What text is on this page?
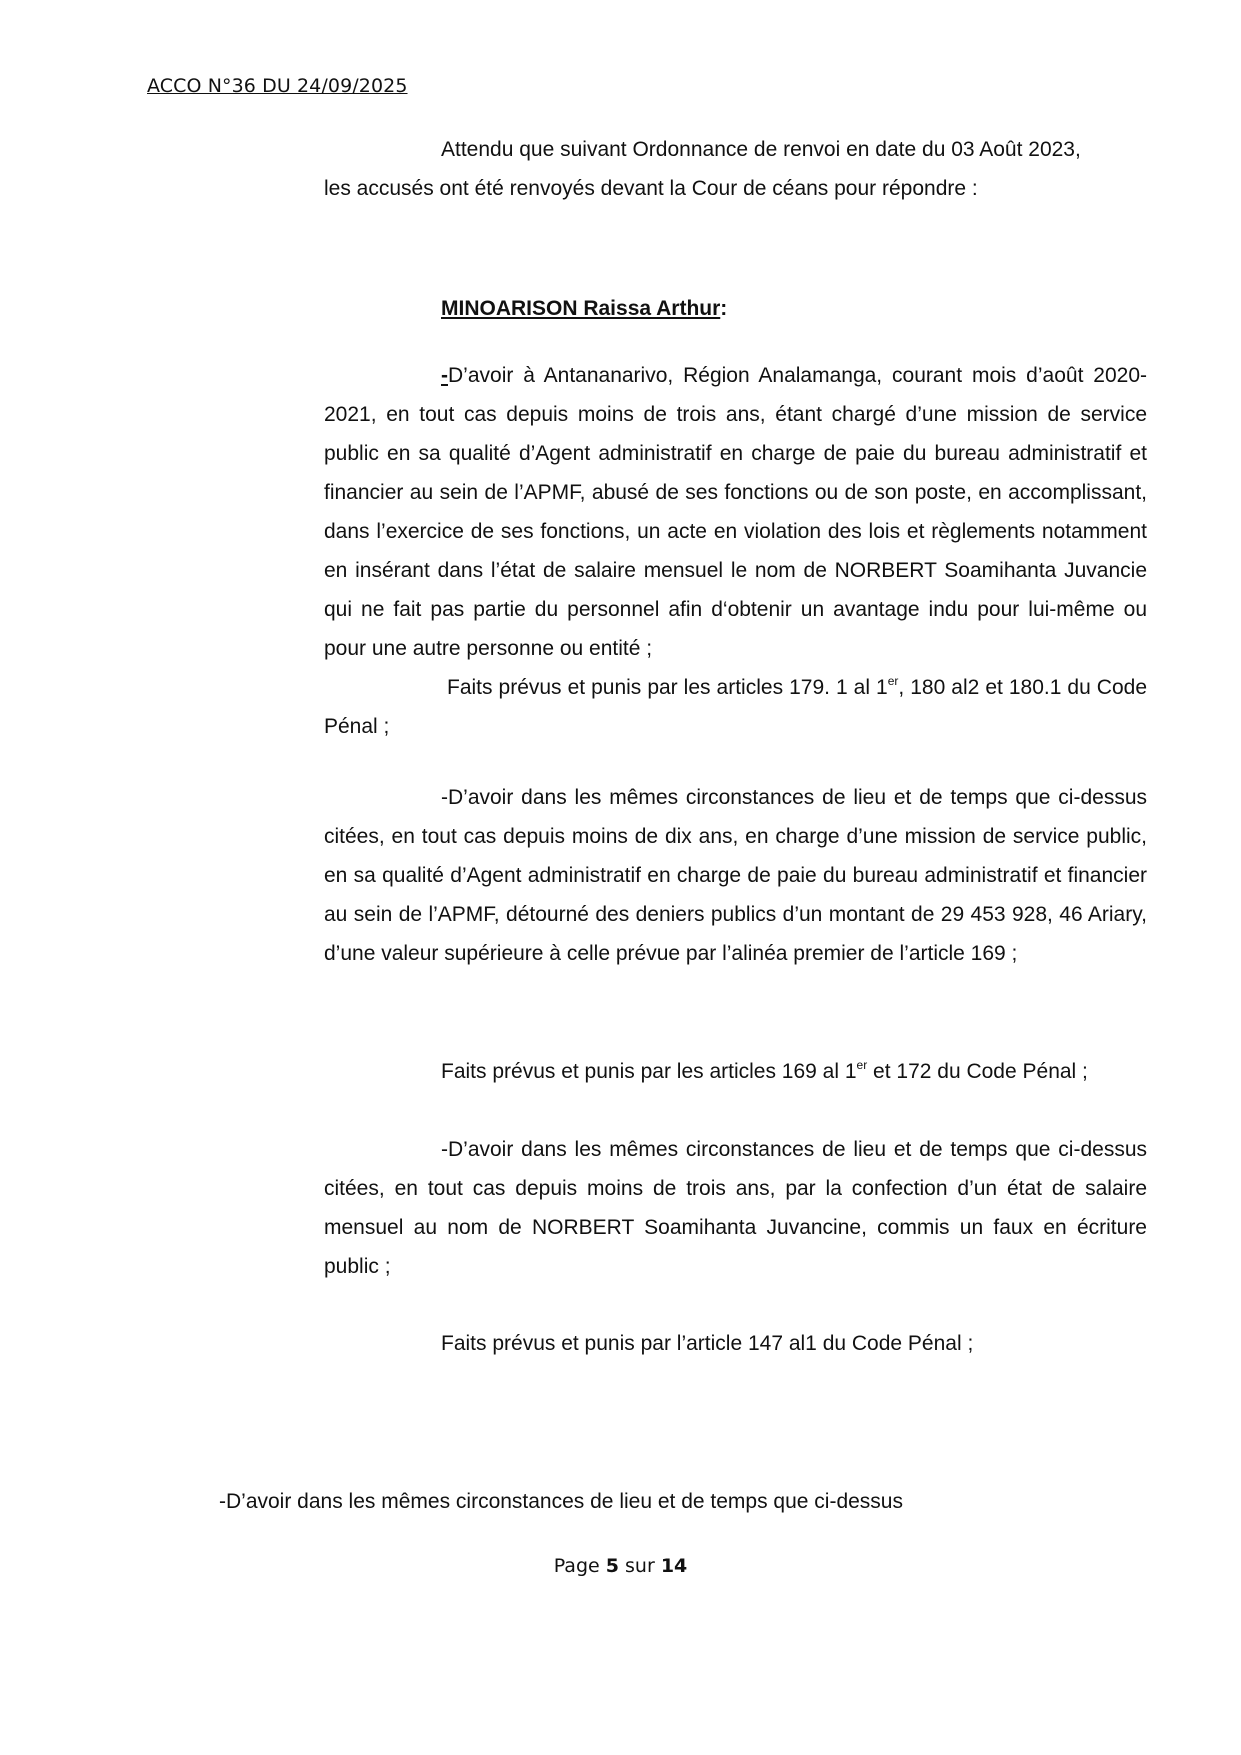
ACCO N°36 DU 24/09/2025
Attendu que suivant Ordonnance de renvoi en date du 03 Août 2023,
les accusés ont été renvoyés devant la Cour de céans pour répondre :
MINOARISON Raissa Arthur:
-D’avoir à Antananarivo, Région Analamanga, courant mois d’août 2020- 2021, en tout cas depuis moins de trois ans, étant chargé d’une mission de service public en sa qualité d’Agent administratif en charge de paie du bureau administratif et financier au sein de l’APMF, abusé de ses fonctions ou de son poste, en accomplissant, dans l’exercice de ses fonctions, un acte en violation des lois et règlements notamment en insérant dans l’état de salaire mensuel le nom de NORBERT Soamihanta Juvancie qui ne fait pas partie du personnel afin d‘obtenir un avantage indu pour lui-même ou pour une autre personne ou entité ;
Faits prévus et punis par les articles 179. 1 al 1er, 180 al2 et 180.1 du Code Pénal ;
-D’avoir dans les mêmes circonstances de lieu et de temps que ci-dessus citées, en tout cas depuis moins de dix ans, en charge d’une mission de service public, en sa qualité d’Agent administratif en charge de paie du bureau administratif et financier au sein de l’APMF, détourné des deniers publics d’un montant de 29 453 928, 46 Ariary, d’une valeur supérieure à celle prévue par l’alinéa premier de l’article 169 ;
Faits prévus et punis par les articles 169 al 1er et 172 du Code Pénal ;
-D’avoir dans les mêmes circonstances de lieu et de temps que ci-dessus citées, en tout cas depuis moins de trois ans, par la confection d’un état de salaire mensuel au nom de NORBERT Soamihanta Juvancine, commis un faux en écriture public ;
Faits prévus et punis par l’article 147 al1 du Code Pénal ;
-D’avoir dans les mêmes circonstances de lieu et de temps que ci-dessus
Page 5 sur 14
